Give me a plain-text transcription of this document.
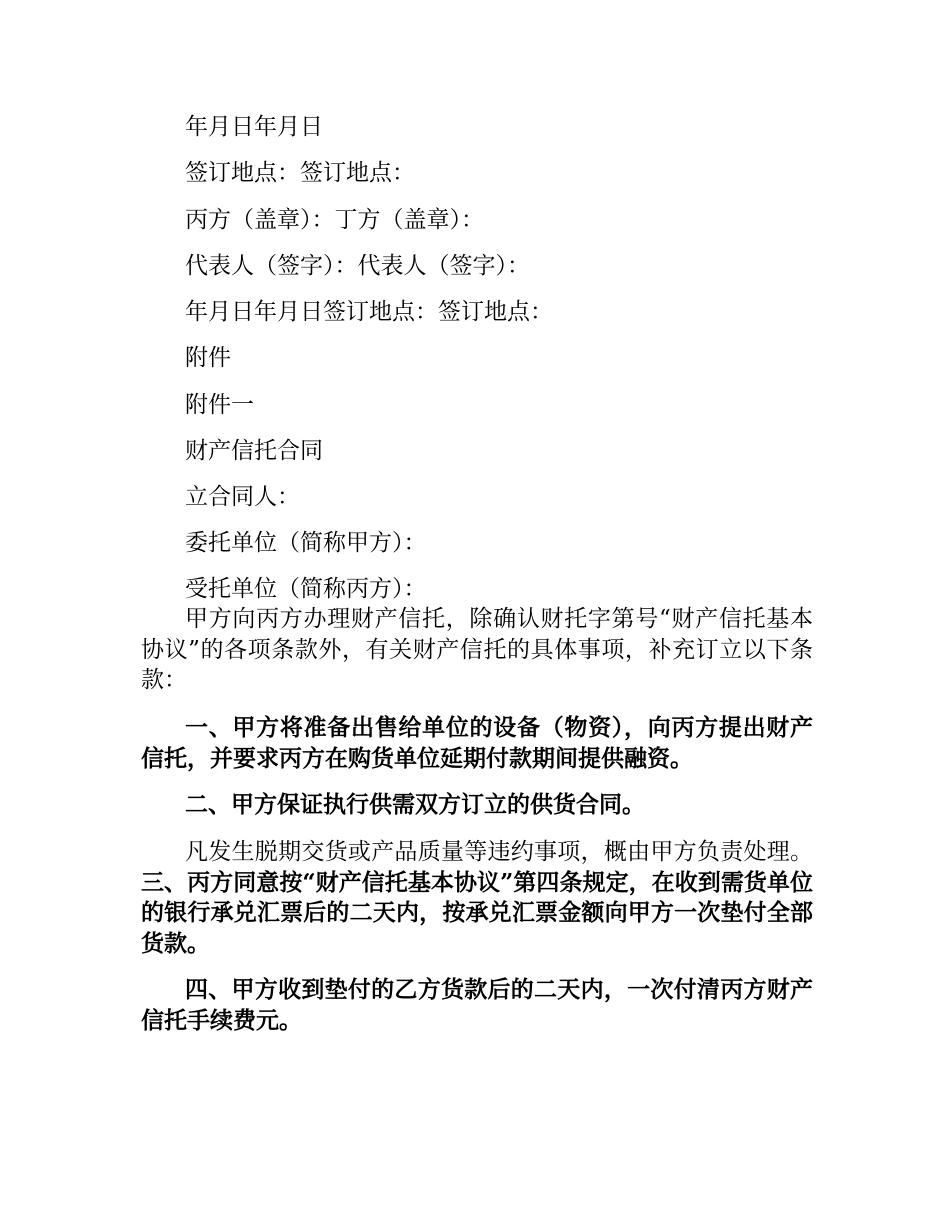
年月日年月日
签订地点：签订地点：
丙方（盖章）：丁方（盖章）：
代表人（签字）：代表人（签字）：
年月日年月日签订地点：签订地点：
附件
附件一
财产信托合同
立合同人：
委托单位（简称甲方）：
受托单位（简称丙方）：

甲方向丙方办理财产信托，除确认财托字第号“财产信托基本协议”的各项条款外，有关财产信托的具体事项，补充订立以下条款：

一、甲方将准备出售给单位的设备（物资），向丙方提出财产信托，并要求丙方在购货单位延期付款期间提供融资。

二、甲方保证执行供需双方订立的供货合同。

凡发生脱期交货或产品质量等违约事项，概由甲方负责处理。三、丙方同意按“财产信托基本协议”第四条规定，在收到需货单位的银行承兑汇票后的二天内，按承兑汇票金额向甲方一次垫付全部货款。

四、甲方收到垫付的乙方货款后的二天内，一次付清丙方财产信托手续费元。
